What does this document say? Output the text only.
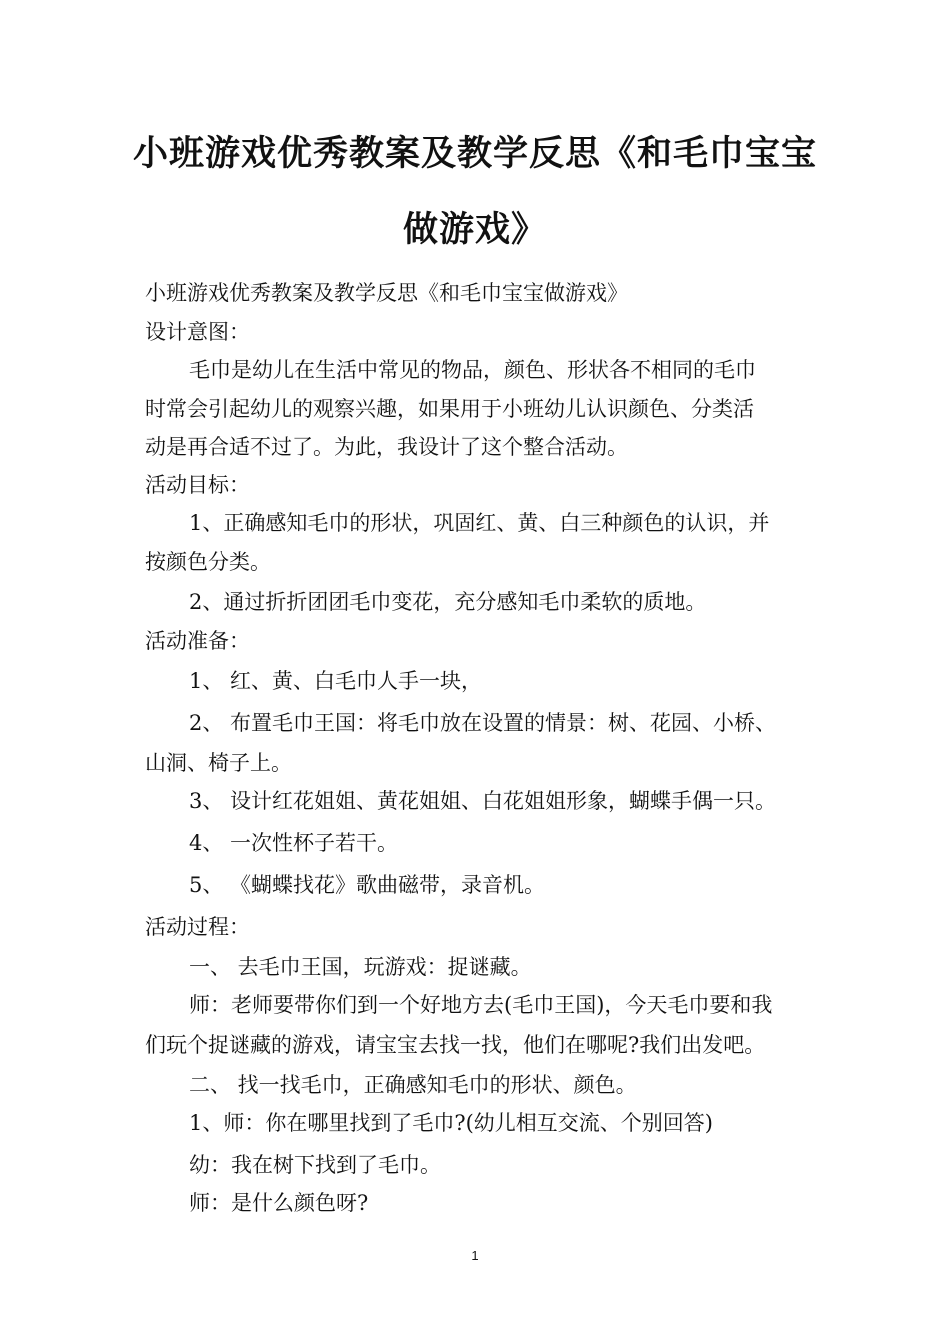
小班游戏优秀教案及教学反思《和毛巾宝宝
做游戏》
小班游戏优秀教案及教学反思《和毛巾宝宝做游戏》
设计意图：
毛巾是幼儿在生活中常见的物品，颜色、形状各不相同的毛巾
时常会引起幼儿的观察兴趣，如果用于小班幼儿认识颜色、分类活
动是再合适不过了。为此，我设计了这个整合活动。
活动目标：
1、正确感知毛巾的形状，巩固红、黄、白三种颜色的认识，并
按颜色分类。
2、通过折折团团毛巾变花，充分感知毛巾柔软的质地。
活动准备：
1、 红、黄、白毛巾人手一块，
2、 布置毛巾王国：将毛巾放在设置的情景：树、花园、小桥、
山洞、椅子上。
3、 设计红花姐姐、黄花姐姐、白花姐姐形象，蝴蝶手偶一只。
4、 一次性杯子若干。
5、 《蝴蝶找花》歌曲磁带，录音机。
活动过程：
一、 去毛巾王国，玩游戏：捉谜藏。
师：老师要带你们到一个好地方去(毛巾王国)，今天毛巾要和我
们玩个捉谜藏的游戏，请宝宝去找一找，他们在哪呢?我们出发吧。
二、 找一找毛巾，正确感知毛巾的形状、颜色。
1、师：你在哪里找到了毛巾?(幼儿相互交流、个别回答)
幼：我在树下找到了毛巾。
师：是什么颜色呀?
1
